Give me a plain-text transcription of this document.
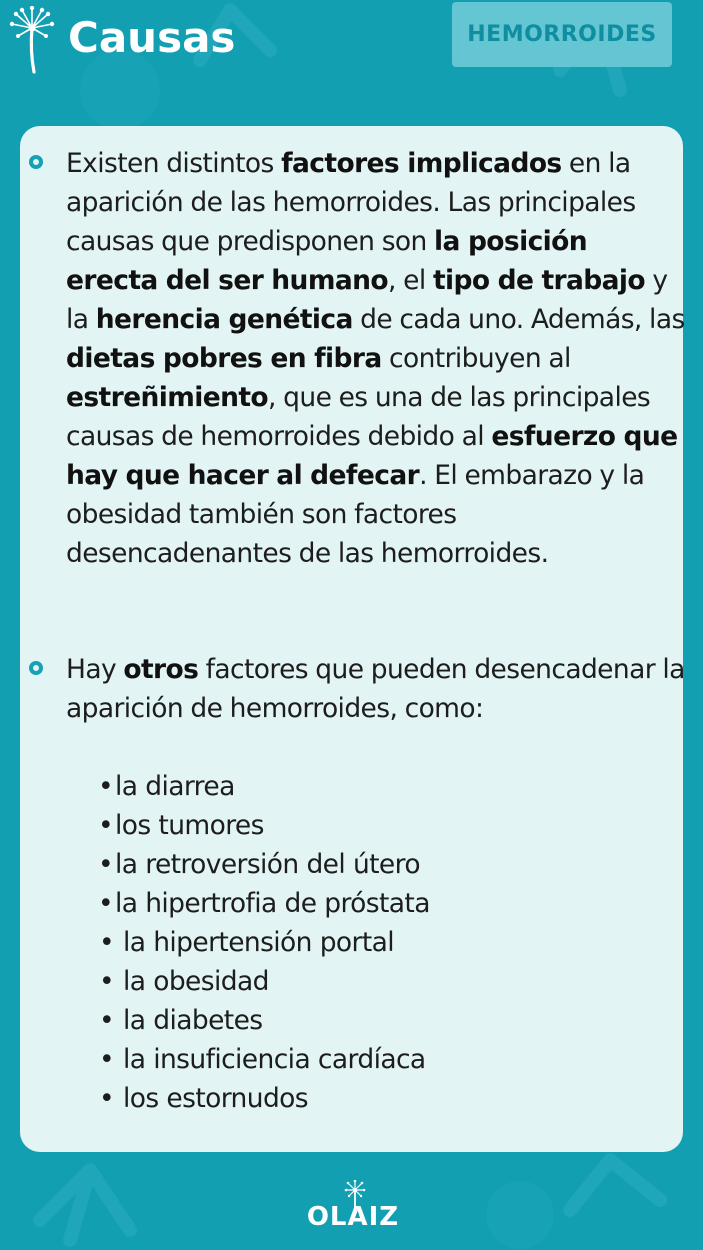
Causas	HEMORROIDES
Existen distintos factores implicados en la aparición de las hemorroides. Las principales causas que predisponen son la posición erecta del ser humano, el tipo de trabajo y la herencia genética de cada uno. Además, las dietas pobres en fibra contribuyen al estreñimiento, que es una de las principales causas de hemorroides debido al esfuerzo que hay que hacer al defecar. El embarazo y la obesidad también son factores desencadenantes de las hemorroides.
Hay otros factores que pueden desencadenar la aparición de hemorroides, como:
• la diarrea
• los tumores
• la retroversión del útero
• la hipertrofia de próstata
• la hipertensión portal
• la obesidad
• la diabetes
• la insuficiencia cardíaca
• los estornudos
OLAIZ
